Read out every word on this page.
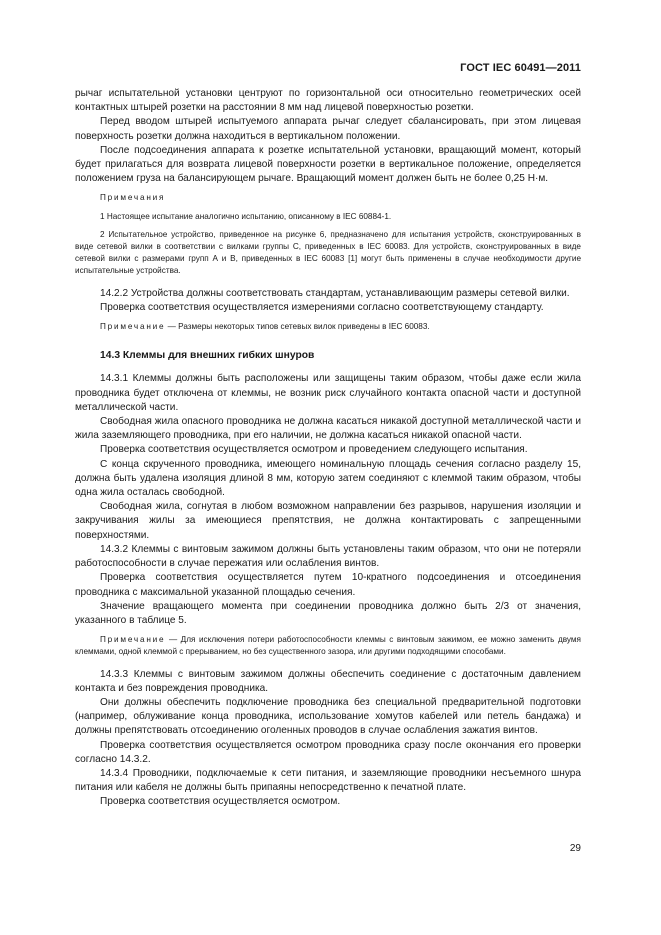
ГОСТ IEC 60491—2011

рычаг испытательной установки центруют по горизонтальной оси относительно геометрических осей контактных штырей розетки на расстоянии 8 мм над лицевой поверхностью розетки.

Перед вводом штырей испытуемого аппарата рычаг следует сбалансировать, при этом лицевая поверхность розетки должна находиться в вертикальном положении.

После подсоединения аппарата к розетке испытательной установки, вращающий момент, который будет прилагаться для возврата лицевой поверхности розетки в вертикальное положение, определяется положением груза на балансирующем рычаге. Вращающий момент должен быть не более 0,25 Н·м.

Примечания

1 Настоящее испытание аналогично испытанию, описанному в IEC 60884-1.

2 Испытательное устройство, приведенное на рисунке 6, предназначено для испытания устройств, сконструированных в виде сетевой вилки в соответствии с вилками группы С, приведенных в IEC 60083. Для устройств, сконструированных в виде сетевой вилки с размерами групп А и В, приведенных в IEC 60083 [1] могут быть применены в случае необходимости другие испытательные устройства.

14.2.2 Устройства должны соответствовать стандартам, устанавливающим размеры сетевой вилки.

Проверка соответствия осуществляется измерениями согласно соответствующему стандарту.

Примечание — Размеры некоторых типов сетевых вилок приведены в IEC 60083.

14.3 Клеммы для внешних гибких шнуров

14.3.1 Клеммы должны быть расположены или защищены таким образом, чтобы даже если жила проводника будет отключена от клеммы, не возник риск случайного контакта опасной части и доступной металлической части.

Свободная жила опасного проводника не должна касаться никакой доступной металлической части и жила заземляющего проводника, при его наличии, не должна касаться никакой опасной части.

Проверка соответствия осуществляется осмотром и проведением следующего испытания.

С конца скрученного проводника, имеющего номинальную площадь сечения согласно разделу 15, должна быть удалена изоляция длиной 8 мм, которую затем соединяют с клеммой таким образом, чтобы одна жила осталась свободной.

Свободная жила, согнутая в любом возможном направлении без разрывов, нарушения изоляции и закручивания жилы за имеющиеся препятствия, не должна контактировать с запрещенными поверхностями.

14.3.2 Клеммы с винтовым зажимом должны быть установлены таким образом, что они не потеряли работоспособности в случае пережатия или ослабления винтов.

Проверка соответствия осуществляется путем 10-кратного подсоединения и отсоединения проводника с максимальной указанной площадью сечения.

Значение вращающего момента при соединении проводника должно быть 2/3 от значения, указанного в таблице 5.

Примечание — Для исключения потери работоспособности клеммы с винтовым зажимом, ее можно заменить двумя клеммами, одной клеммой с прерыванием, но без существенного зазора, или другими подходящими способами.

14.3.3 Клеммы с винтовым зажимом должны обеспечить соединение с достаточным давлением контакта и без повреждения проводника.

Они должны обеспечить подключение проводника без специальной предварительной подготовки (например, облуживание конца проводника, использование хомутов кабелей или петель бандажа) и должны препятствовать отсоединению оголенных проводов в случае ослабления зажатия винтов.

Проверка соответствия осуществляется осмотром проводника сразу после окончания его проверки согласно 14.3.2.

14.3.4 Проводники, подключаемые к сети питания, и заземляющие проводники несъемного шнура питания или кабеля не должны быть припаяны непосредственно к печатной плате.

Проверка соответствия осуществляется осмотром.

29
